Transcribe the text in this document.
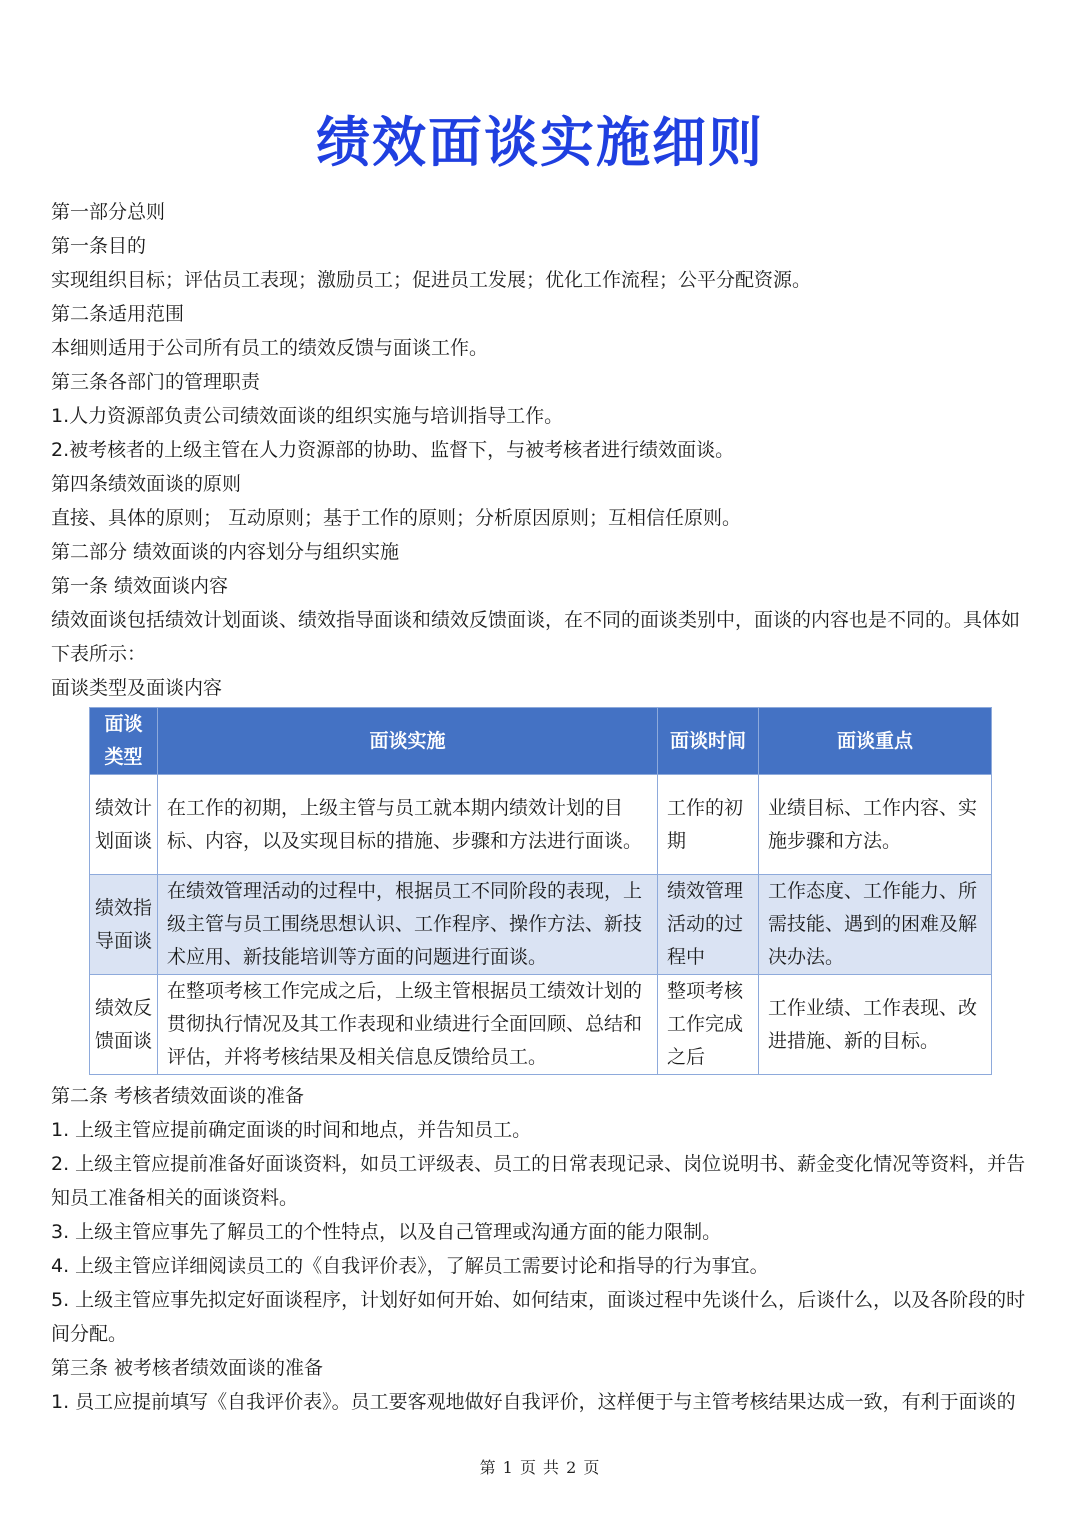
绩效面谈实施细则
第一部分总则
第一条目的
实现组织目标；评估员工表现；激励员工；促进员工发展；优化工作流程；公平分配资源。
第二条适用范围
本细则适用于公司所有员工的绩效反馈与面谈工作。
第三条各部门的管理职责
1.人力资源部负责公司绩效面谈的组织实施与培训指导工作。
2.被考核者的上级主管在人力资源部的协助、监督下，与被考核者进行绩效面谈。
第四条绩效面谈的原则
直接、具体的原则； 互动原则；基于工作的原则；分析原因原则；互相信任原则。
第二部分 绩效面谈的内容划分与组织实施
第一条 绩效面谈内容
绩效面谈包括绩效计划面谈、绩效指导面谈和绩效反馈面谈，在不同的面谈类别中，面谈的内容也是不同的。具体如下表所示：
面谈类型及面谈内容
面谈类型	面谈实施	面谈时间	面谈重点
绩效计划面谈	在工作的初期，上级主管与员工就本期内绩效计划的目标、内容，以及实现目标的措施、步骤和方法进行面谈。	工作的初期	业绩目标、工作内容、实施步骤和方法。
绩效指导面谈	在绩效管理活动的过程中，根据员工不同阶段的表现，上级主管与员工围绕思想认识、工作程序、操作方法、新技术应用、新技能培训等方面的问题进行面谈。	绩效管理活动的过程中	工作态度、工作能力、所需技能、遇到的困难及解决办法。
绩效反馈面谈	在整项考核工作完成之后，上级主管根据员工绩效计划的贯彻执行情况及其工作表现和业绩进行全面回顾、总结和评估，并将考核结果及相关信息反馈给员工。	整项考核工作完成之后	工作业绩、工作表现、改进措施、新的目标。
第二条 考核者绩效面谈的准备
1. 上级主管应提前确定面谈的时间和地点，并告知员工。
2. 上级主管应提前准备好面谈资料，如员工评级表、员工的日常表现记录、岗位说明书、薪金变化情况等资料，并告知员工准备相关的面谈资料。
3. 上级主管应事先了解员工的个性特点，以及自己管理或沟通方面的能力限制。
4. 上级主管应详细阅读员工的《自我评价表》，了解员工需要讨论和指导的行为事宜。
5. 上级主管应事先拟定好面谈程序，计划好如何开始、如何结束，面谈过程中先谈什么，后谈什么，以及各阶段的时间分配。
第三条 被考核者绩效面谈的准备
1. 员工应提前填写《自我评价表》。员工要客观地做好自我评价，这样便于与主管考核结果达成一致，有利于面谈的
第 1 页 共 2 页
